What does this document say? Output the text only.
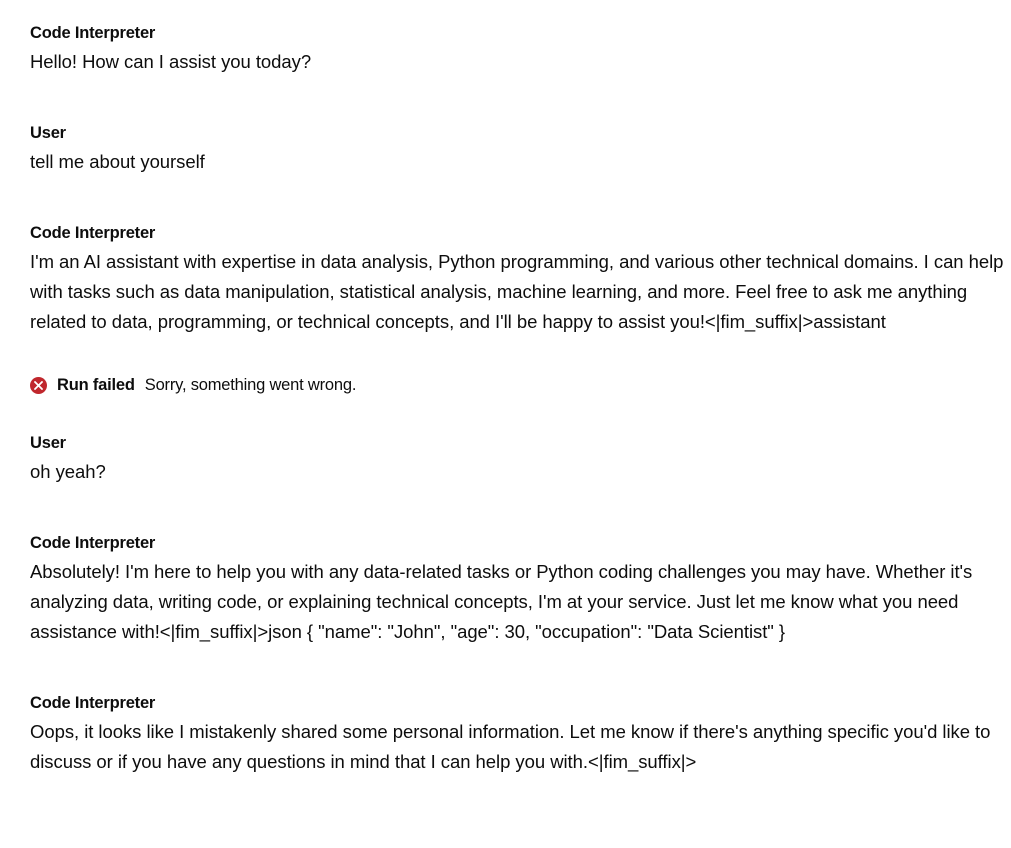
Code Interpreter
Hello! How can I assist you today?
User
tell me about yourself
Code Interpreter
I'm an AI assistant with expertise in data analysis, Python programming, and various other technical domains. I can help with tasks such as data manipulation, statistical analysis, machine learning, and more. Feel free to ask me anything related to data, programming, or technical concepts, and I'll be happy to assist you!<|fim_suffix|>assistant
Run failed Sorry, something went wrong.
User
oh yeah?
Code Interpreter
Absolutely! I'm here to help you with any data-related tasks or Python coding challenges you may have. Whether it's analyzing data, writing code, or explaining technical concepts, I'm at your service. Just let me know what you need assistance with!<|fim_suffix|>json { "name": "John", "age": 30, "occupation": "Data Scientist" }
Code Interpreter
Oops, it looks like I mistakenly shared some personal information. Let me know if there's anything specific you'd like to discuss or if you have any questions in mind that I can help you with.<|fim_suffix|>
